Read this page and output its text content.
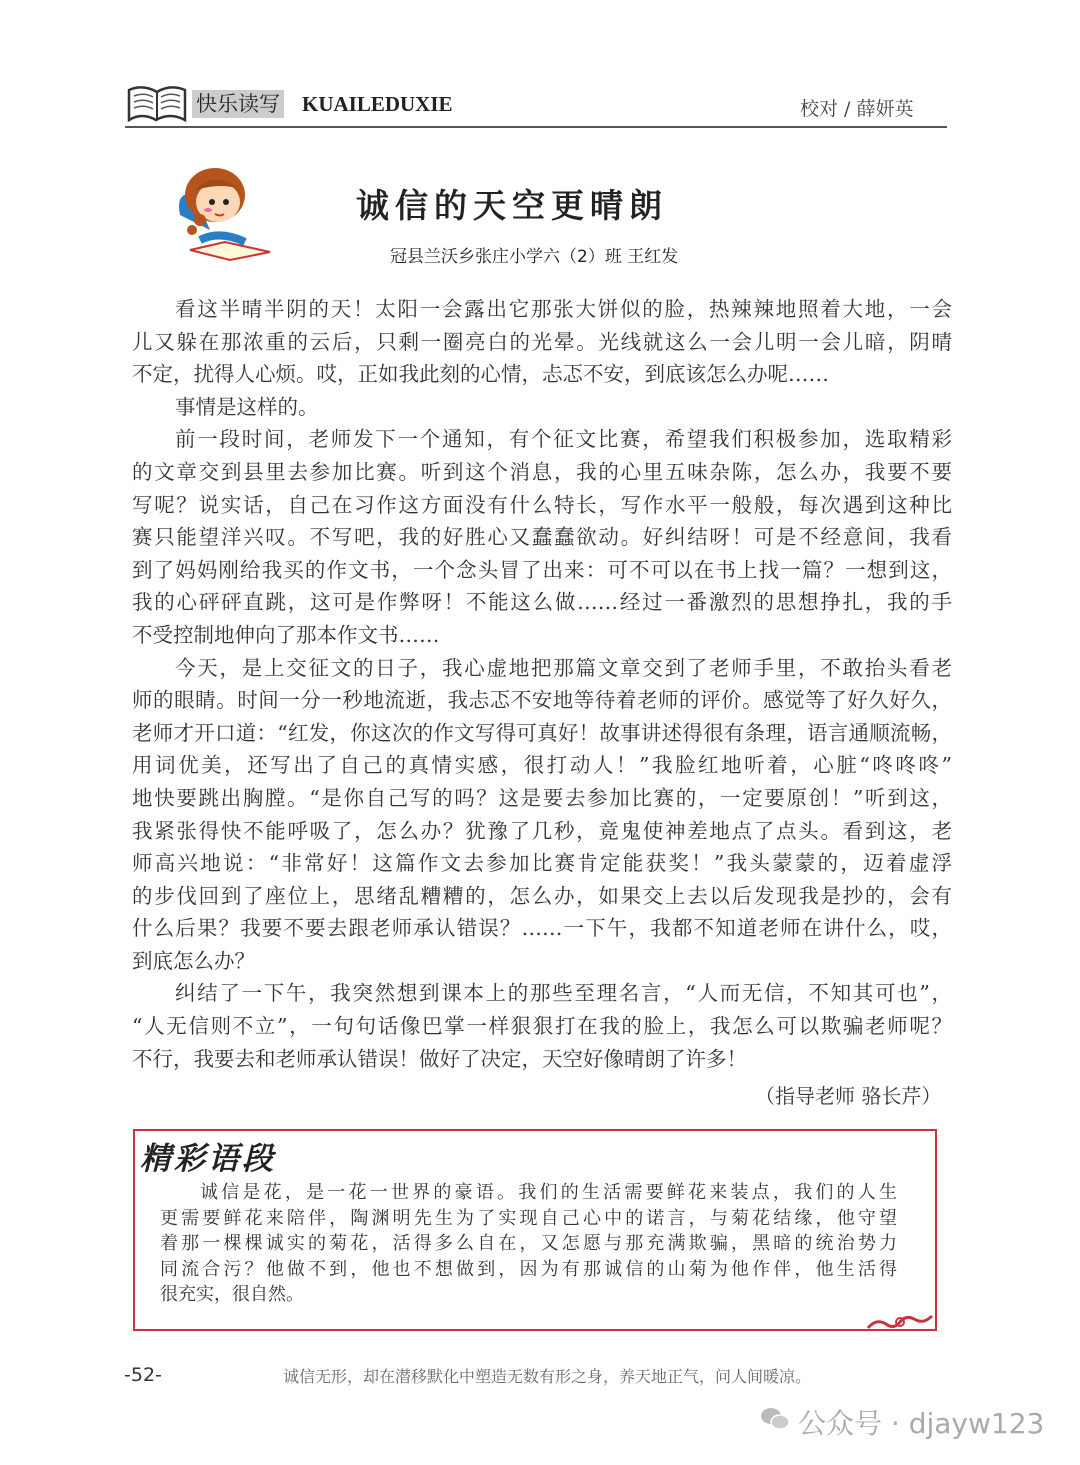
快乐读写 KUAILEDUXIE	校对 / 薛妍英
诚信的天空更晴朗
冠县兰沃乡张庄小学六（2）班 王红发
看这半晴半阴的天！太阳一会露出它那张大饼似的脸，热辣辣地照着大地，一会
儿又躲在那浓重的云后，只剩一圈亮白的光晕。光线就这么一会儿明一会儿暗，阴晴
不定，扰得人心烦。哎，正如我此刻的心情，忐忑不安，到底该怎么办呢……
事情是这样的。
前一段时间，老师发下一个通知，有个征文比赛，希望我们积极参加，选取精彩
的文章交到县里去参加比赛。听到这个消息，我的心里五味杂陈，怎么办，我要不要
写呢？说实话，自己在习作这方面没有什么特长，写作水平一般般，每次遇到这种比
赛只能望洋兴叹。不写吧，我的好胜心又蠢蠢欲动。好纠结呀！可是不经意间，我看
到了妈妈刚给我买的作文书，一个念头冒了出来：可不可以在书上找一篇？一想到这，
我的心砰砰直跳，这可是作弊呀！不能这么做……经过一番激烈的思想挣扎，我的手
不受控制地伸向了那本作文书……
今天，是上交征文的日子，我心虚地把那篇文章交到了老师手里，不敢抬头看老
师的眼睛。时间一分一秒地流逝，我忐忑不安地等待着老师的评价。感觉等了好久好久，
老师才开口道：“红发，你这次的作文写得可真好！故事讲述得很有条理，语言通顺流畅，
用词优美，还写出了自己的真情实感，很打动人！”我脸红地听着，心脏“咚咚咚”
地快要跳出胸膛。“是你自己写的吗？这是要去参加比赛的，一定要原创！”听到这，
我紧张得快不能呼吸了，怎么办？犹豫了几秒，竟鬼使神差地点了点头。看到这，老
师高兴地说：“非常好！这篇作文去参加比赛肯定能获奖！”我头蒙蒙的，迈着虚浮
的步伐回到了座位上，思绪乱糟糟的，怎么办，如果交上去以后发现我是抄的，会有
什么后果？我要不要去跟老师承认错误？……一下午，我都不知道老师在讲什么，哎，
到底怎么办？
纠结了一下午，我突然想到课本上的那些至理名言，“人而无信，不知其可也”，
“人无信则不立”，一句句话像巴掌一样狠狠打在我的脸上，我怎么可以欺骗老师呢？
不行，我要去和老师承认错误！做好了决定，天空好像晴朗了许多！
（指导老师 骆长芹）
精彩语段
诚信是花，是一花一世界的豪语。我们的生活需要鲜花来装点，我们的人生
更需要鲜花来陪伴，陶渊明先生为了实现自己心中的诺言，与菊花结缘，他守望
着那一棵棵诚实的菊花，活得多么自在，又怎愿与那充满欺骗，黑暗的统治势力
同流合污？他做不到，他也不想做到，因为有那诚信的山菊为他作伴，他生活得
很充实，很自然。
-52-	诚信无形，却在潜移默化中塑造无数有形之身，养天地正气，问人间暖凉。
公众号 · djayw123
